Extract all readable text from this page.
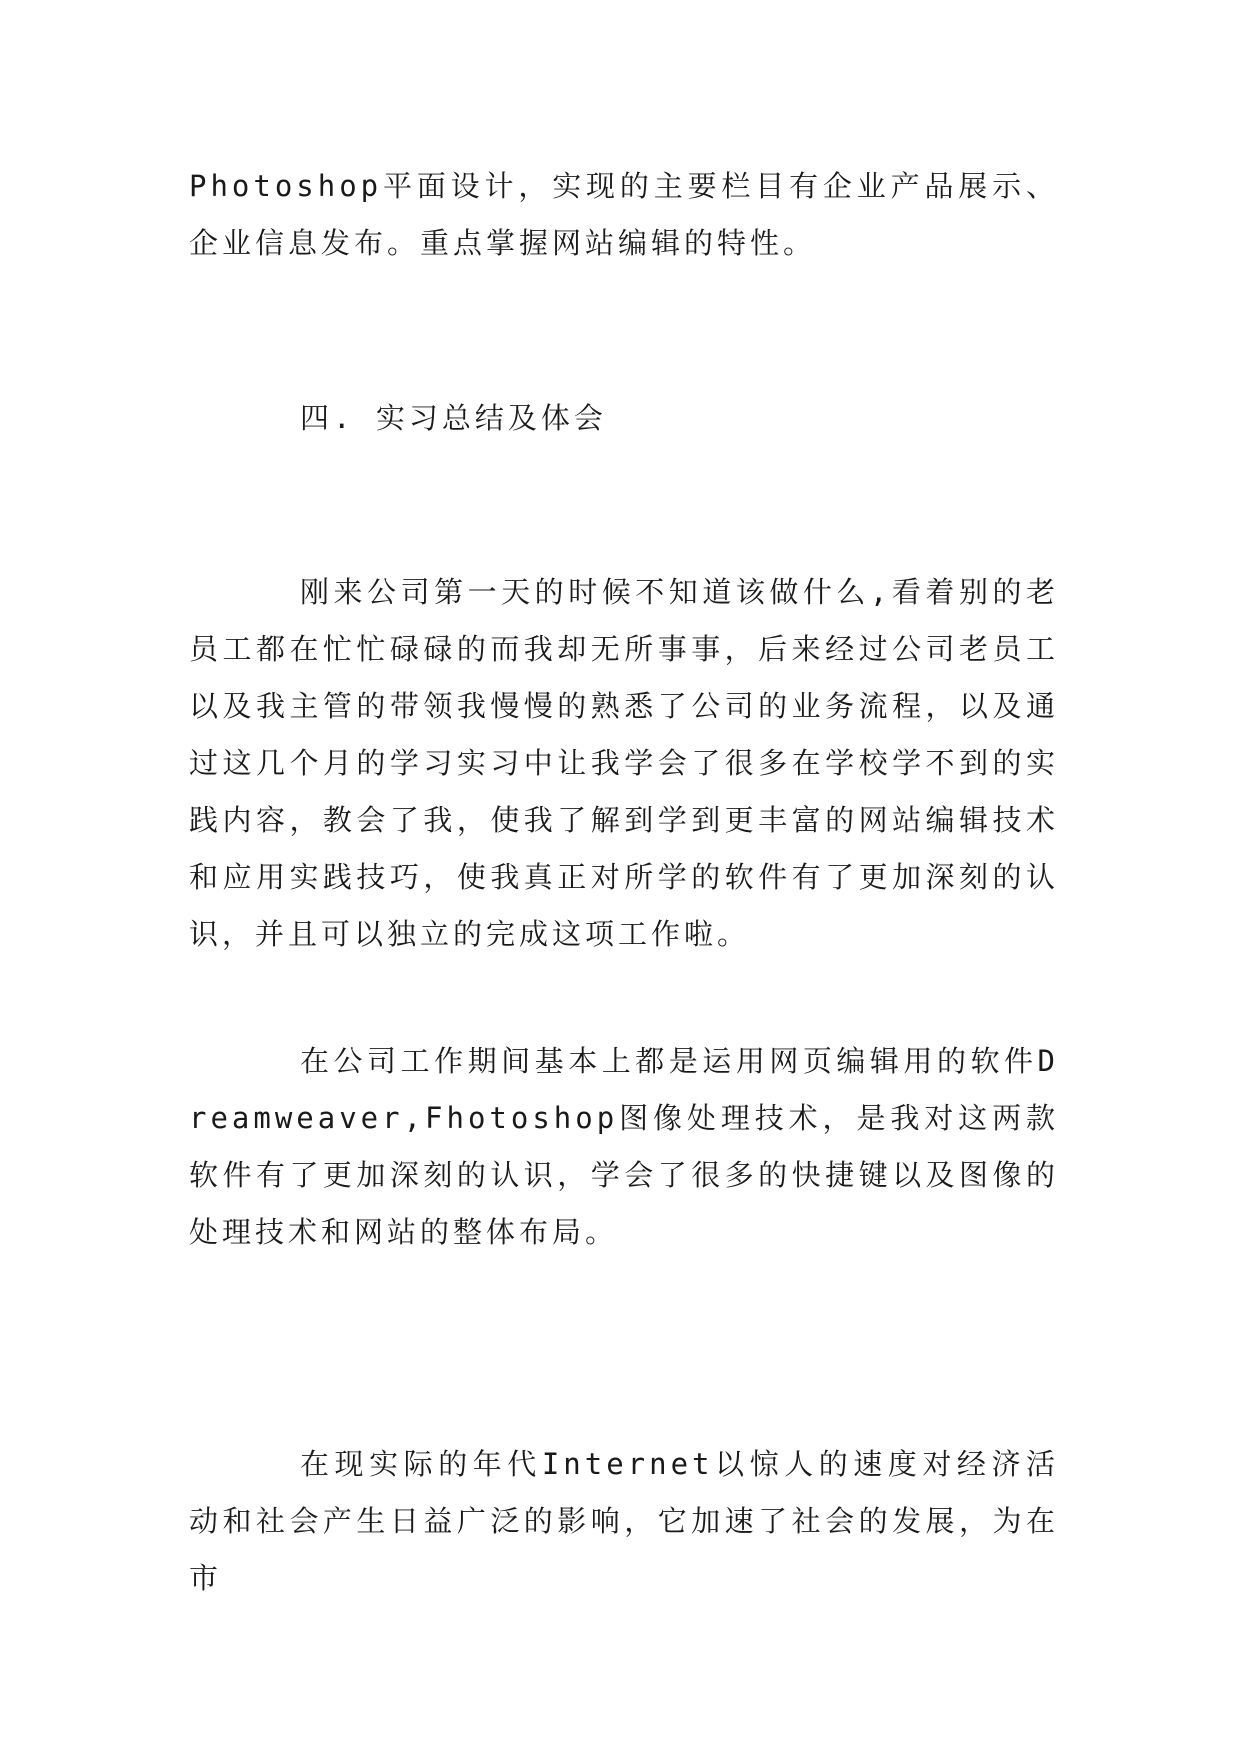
Photoshop平面设计，实现的主要栏目有企业产品展示、企业信息发布。重点掌握网站编辑的特性。

四. 实习总结及体会

刚来公司第一天的时候不知道该做什么,看着别的老员工都在忙忙碌碌的而我却无所事事，后来经过公司老员工以及我主管的带领我慢慢的熟悉了公司的业务流程，以及通过这几个月的学习实习中让我学会了很多在学校学不到的实践内容，教会了我，使我了解到学到更丰富的网站编辑技术和应用实践技巧，使我真正对所学的软件有了更加深刻的认识，并且可以独立的完成这项工作啦。

在公司工作期间基本上都是运用网页编辑用的软件Dreamweaver,Fhotoshop图像处理技术，是我对这两款软件有了更加深刻的认识，学会了很多的快捷键以及图像的处理技术和网站的整体布局。

在现实际的年代Internet以惊人的速度对经济活动和社会产生日益广泛的影响，它加速了社会的发展，为在市
